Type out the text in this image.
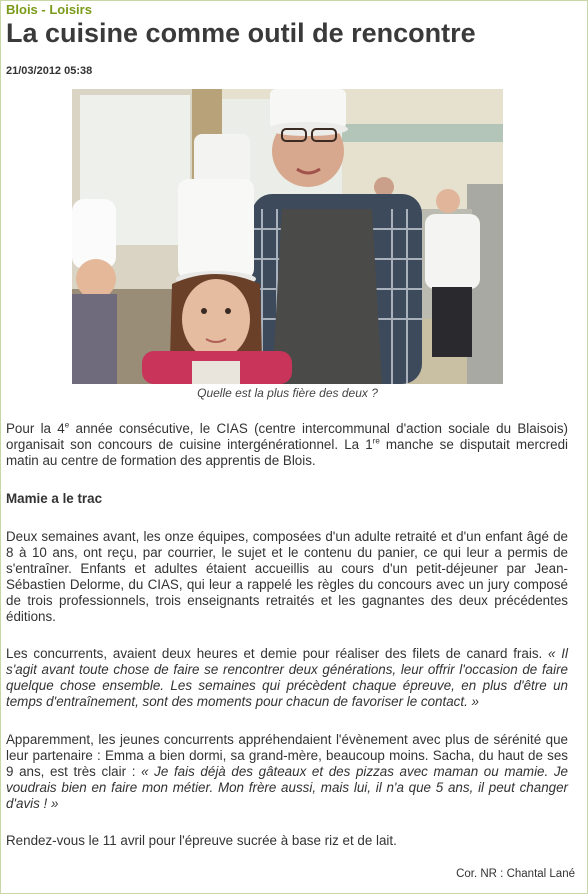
Blois - Loisirs
La cuisine comme outil de rencontre
21/03/2012 05:38
Quelle est la plus fière des deux ?

Pour la 4e année consécutive, le CIAS (centre intercommunal d'action sociale du Blaisois) organisait son concours de cuisine intergénérationnel. La 1re manche se disputait mercredi matin au centre de formation des apprentis de Blois.

Mamie a le trac

Deux semaines avant, les onze équipes, composées d'un adulte retraité et d'un enfant âgé de 8 à 10 ans, ont reçu, par courrier, le sujet et le contenu du panier, ce qui leur a permis de s'entraîner. Enfants et adultes étaient accueillis au cours d'un petit-déjeuner par Jean-Sébastien Delorme, du CIAS, qui leur a rappelé les règles du concours avec un jury composé de trois professionnels, trois enseignants retraités et les gagnantes des deux précédentes éditions.

Les concurrents, avaient deux heures et demie pour réaliser des filets de canard frais. « Il s'agit avant toute chose de faire se rencontrer deux générations, leur offrir l'occasion de faire quelque chose ensemble. Les semaines qui précèdent chaque épreuve, en plus d'être un temps d'entraînement, sont des moments pour chacun de favoriser le contact. »

Apparemment, les jeunes concurrents appréhendaient l'évènement avec plus de sérénité que leur partenaire : Emma a bien dormi, sa grand-mère, beaucoup moins. Sacha, du haut de ses 9 ans, est très clair : « Je fais déjà des gâteaux et des pizzas avec maman ou mamie. Je voudrais bien en faire mon métier. Mon frère aussi, mais lui, il n'a que 5 ans, il peut changer d'avis ! »

Rendez-vous le 11 avril pour l'épreuve sucrée à base riz et de lait.

Cor. NR : Chantal Lané
